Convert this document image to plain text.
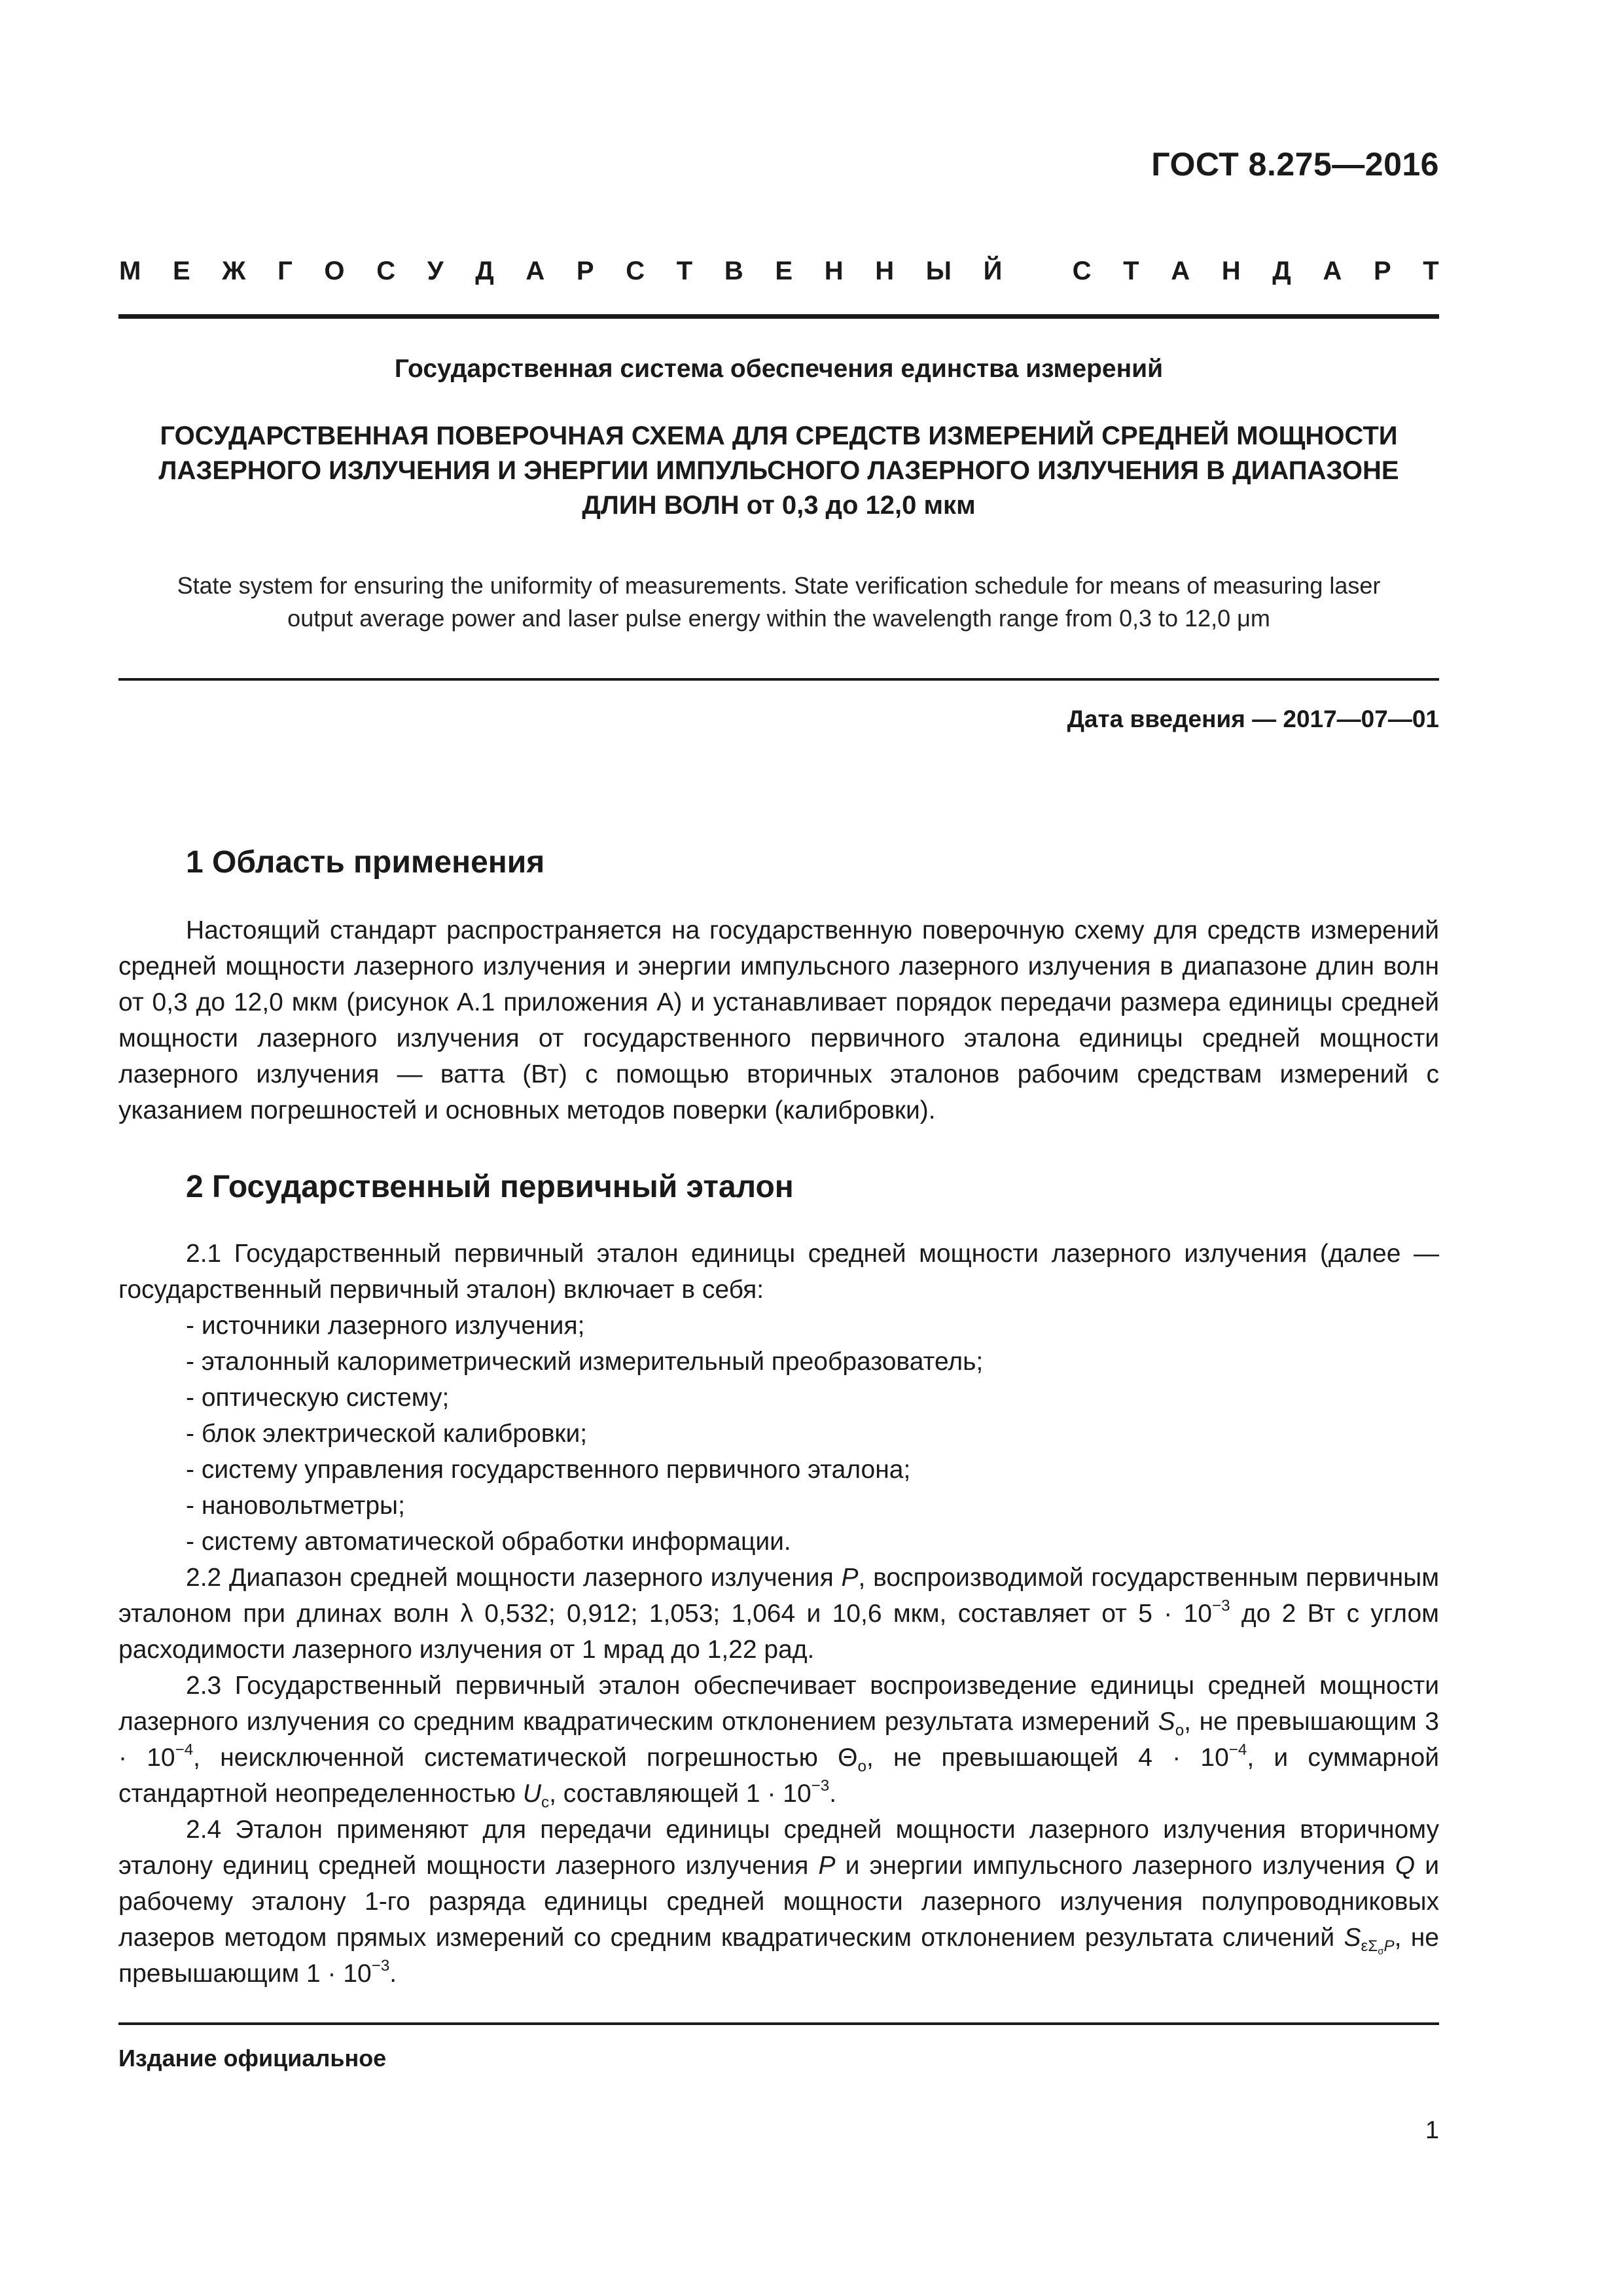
ГОСТ 8.275—2016
М Е Ж Г О С У Д А Р С Т В Е Н Н Ы Й	С Т А Н Д А Р Т
Государственная система обеспечения единства измерений
ГОСУДАРСТВЕННАЯ ПОВЕРОЧНАЯ СХЕМА ДЛЯ СРЕДСТВ ИЗМЕРЕНИЙ СРЕДНЕЙ МОЩНОСТИ
ЛАЗЕРНОГО ИЗЛУЧЕНИЯ И ЭНЕРГИИ ИМПУЛЬСНОГО ЛАЗЕРНОГО ИЗЛУЧЕНИЯ В ДИАПАЗОНЕ
ДЛИН ВОЛН от 0,3 до 12,0 мкм
State system for ensuring the uniformity of measurements. State verification schedule for means of measuring laser
output average power and laser pulse energy within the wavelength range from 0,3 to 12,0 μm
Дата введения — 2017—07—01
1 Область применения

Настоящий стандарт распространяется на государственную поверочную схему для средств измерений средней мощности лазерного излучения и энергии импульсного лазерного излучения в диапазоне длин волн от 0,3 до 12,0 мкм (рисунок А.1 приложения А) и устанавливает порядок передачи размера единицы средней мощности лазерного излучения от государственного первичного эталона единицы средней мощности лазерного излучения — ватта (Вт) с помощью вторичных эталонов рабочим средствам измерений с указанием погрешностей и основных методов поверки (калибровки).

2 Государственный первичный эталон

2.1 Государственный первичный эталон единицы средней мощности лазерного излучения (далее — государственный первичный эталон) включает в себя:

- источники лазерного излучения;
- эталонный калориметрический измерительный преобразователь;
- оптическую систему;
- блок электрической калибровки;
- систему управления государственного первичного эталона;
- нановольтметры;
- систему автоматической обработки информации.

2.2 Диапазон средней мощности лазерного излучения P, воспроизводимой государственным первичным эталоном при длинах волн λ 0,532; 0,912; 1,053; 1,064 и 10,6 мкм, составляет от $5 \cdot 10^{-3}$ до 2 Вт с углом расходимости лазерного излучения от 1 мрад до 1,22 рад.

2.3 Государственный первичный эталон обеспечивает воспроизведение единицы средней мощности лазерного излучения со средним квадратическим отклонением результата измерений $S_о$, не превышающим $3 \cdot 10^{-4}$, неисключенной систематической погрешностью $\Theta_о$, не превышающей $4 \cdot 10^{-4}$, и суммарной стандартной неопределенностью $U_с$, составляющей $1 \cdot 10^{-3}$.

2.4 Эталон применяют для передачи единицы средней мощности лазерного излучения вторичному эталону единиц средней мощности лазерного излучения P и энергии импульсного лазерного излучения Q и рабочему эталону 1-го разряда единицы средней мощности лазерного излучения полупроводниковых лазеров методом прямых измерений со средним квадратическим отклонением результата сличений $S_{\varepsilon\Sigma_\sigma P}$, не превышающим $1 \cdot 10^{-3}$.

Издание официальное
1
